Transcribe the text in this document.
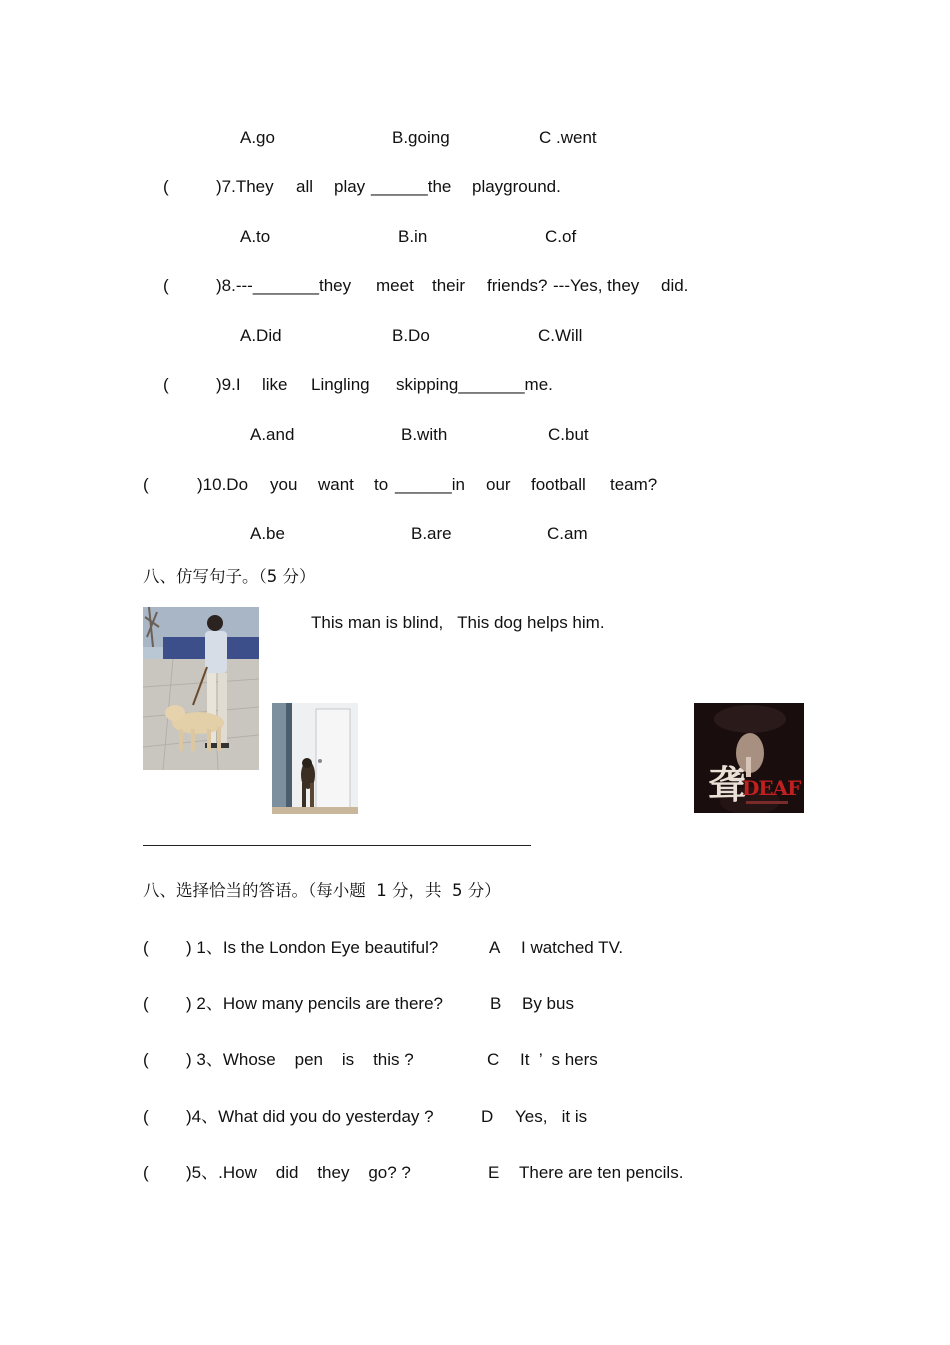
A.go	B.going	C .went
(	)7.They all play ______the playground.
A.to	B.in	C.of
(	)8.---_______they meet their friends? ---Yes, they did.
A.Did	B.Do	C.Will
(	)9.I like Lingling skipping_______me.
A.and	B.with	C.but
(	)10.Do you want to ______in our football team?
A.be	B.are	C.am
八、仿写句子。（5 分）
聋
DEAF
This man is blind,   This dog helps him.
八、选择恰当的答语。（每小题  1 分，共  5 分）
( ) 1、Is the London Eye beautiful?	A I watched TV.
( ) 2、How many pencils are there?	B By bus
( ) 3、Whose    pen    is    this ?	C It  ’  s hers
( )4、What did you do yesterday ?	D Yes,   it is
( )5、.How    did    they    go? ?	E There are ten pencils.
